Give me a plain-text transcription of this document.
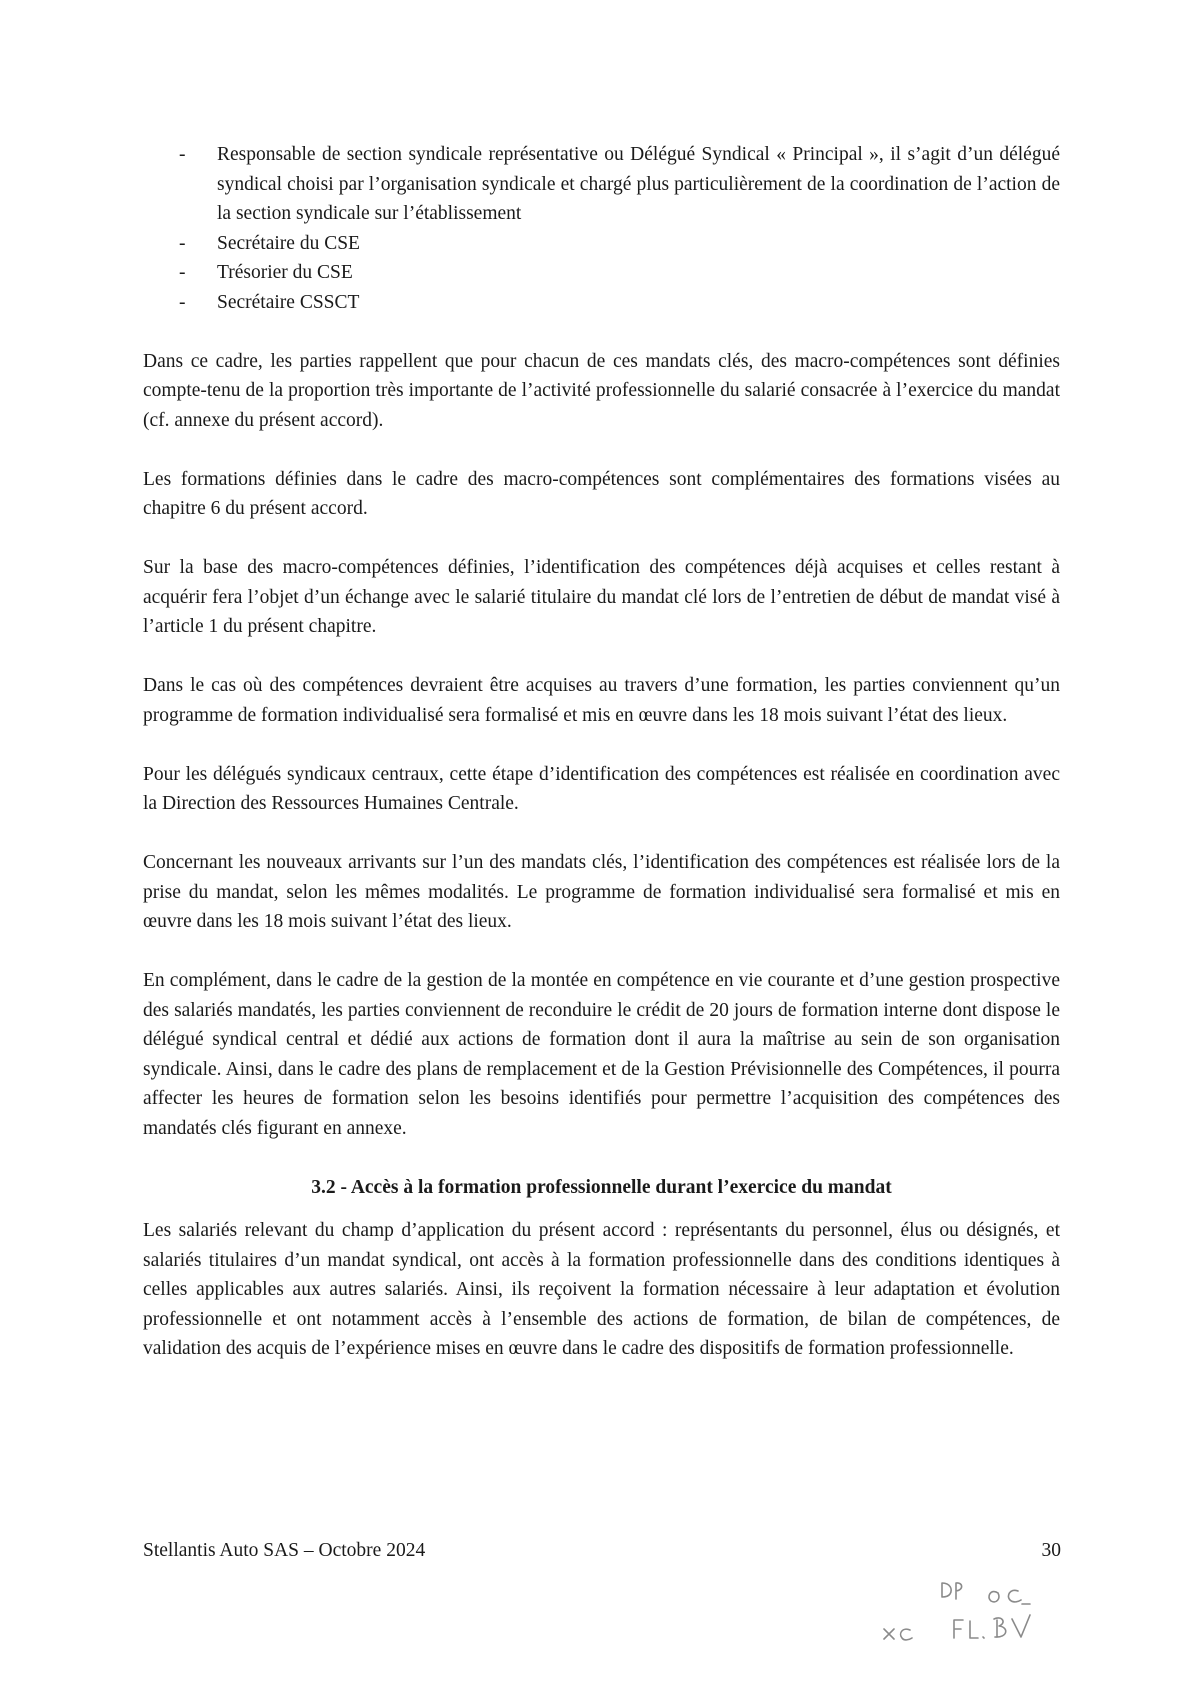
- Responsable de section syndicale représentative ou Délégué Syndical « Principal », il s’agit d’un délégué syndical choisi par l’organisation syndicale et chargé plus particulièrement de la coordination de l’action de la section syndicale sur l’établissement
- Secrétaire du CSE
- Trésorier du CSE
- Secrétaire CSSCT

Dans ce cadre, les parties rappellent que pour chacun de ces mandats clés, des macro-compétences sont définies compte-tenu de la proportion très importante de l’activité professionnelle du salarié consacrée à l’exercice du mandat (cf. annexe du présent accord).

Les formations définies dans le cadre des macro-compétences sont complémentaires des formations visées au chapitre 6 du présent accord.

Sur la base des macro-compétences définies, l’identification des compétences déjà acquises et celles restant à acquérir fera l’objet d’un échange avec le salarié titulaire du mandat clé lors de l’entretien de début de mandat visé à l’article 1 du présent chapitre.

Dans le cas où des compétences devraient être acquises au travers d’une formation, les parties conviennent qu’un programme de formation individualisé sera formalisé et mis en œuvre dans les 18 mois suivant l’état des lieux.

Pour les délégués syndicaux centraux, cette étape d’identification des compétences est réalisée en coordination avec la Direction des Ressources Humaines Centrale.

Concernant les nouveaux arrivants sur l’un des mandats clés, l’identification des compétences est réalisée lors de la prise du mandat, selon les mêmes modalités. Le programme de formation individualisé sera formalisé et mis en œuvre dans les 18 mois suivant l’état des lieux.

En complément, dans le cadre de la gestion de la montée en compétence en vie courante et d’une gestion prospective des salariés mandatés, les parties conviennent de reconduire le crédit de 20 jours de formation interne dont dispose le délégué syndical central et dédié aux actions de formation dont il aura la maîtrise au sein de son organisation syndicale. Ainsi, dans le cadre des plans de remplacement et de la Gestion Prévisionnelle des Compétences, il pourra affecter les heures de formation selon les besoins identifiés pour permettre l’acquisition des compétences des mandatés clés figurant en annexe.

3.2 - Accès à la formation professionnelle durant l’exercice du mandat

Les salariés relevant du champ d’application du présent accord : représentants du personnel, élus ou désignés, et salariés titulaires d’un mandat syndical, ont accès à la formation professionnelle dans des conditions identiques à celles applicables aux autres salariés. Ainsi, ils reçoivent la formation nécessaire à leur adaptation et évolution professionnelle et ont notamment accès à l’ensemble des actions de formation, de bilan de compétences, de validation des acquis de l’expérience mises en œuvre dans le cadre des dispositifs de formation professionnelle.

Stellantis Auto SAS – Octobre 2024	30
